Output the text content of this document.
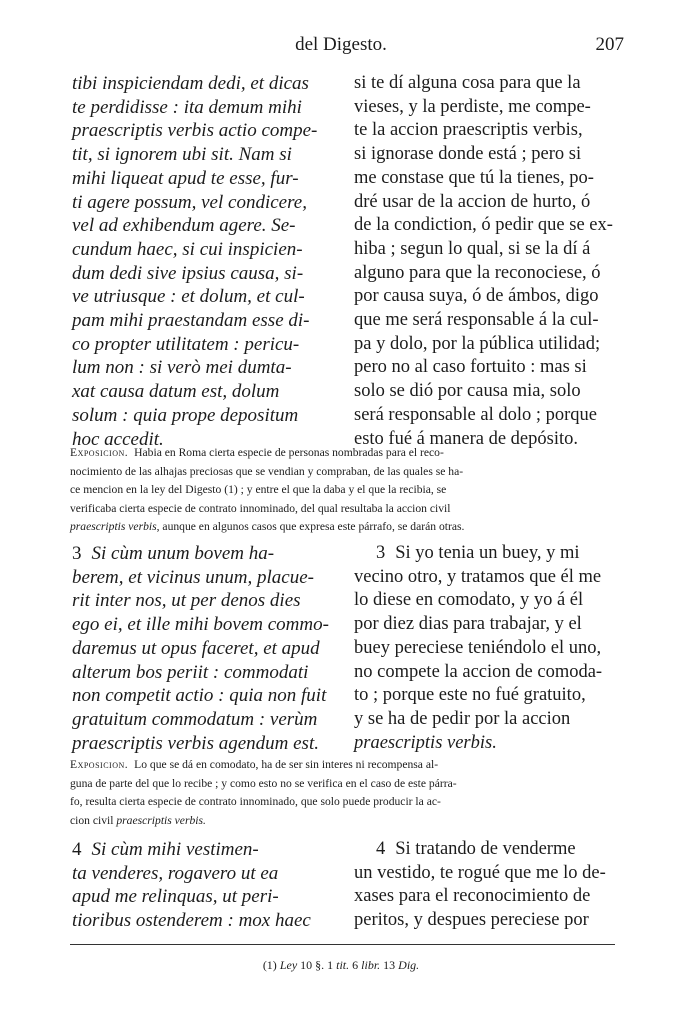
del Digesto.	207
tibi inspiciendam dedi, et dicas
te perdidisse : ita demum mihi
praescriptis verbis actio compe-
tit, si ignorem ubi sit. Nam si
mihi liqueat apud te esse, fur-
ti agere possum, vel condicere,
vel ad exhibendum agere. Se-
cundum haec, si cui inspicien-
dum dedi sive ipsius causa, si-
ve utriusque : et dolum, et cul-
pam mihi praestandam esse di-
co propter utilitatem : pericu-
lum non : si verò mei dumta-
xat causa datum est, dolum
solum : quia prope depositum
hoc accedit.
si te dí alguna cosa para que la
vieses, y la perdiste, me compe-
te la accion praescriptis verbis,
si ignorase donde está ; pero si
me constase que tú la tienes, po-
dré usar de la accion de hurto, ó
de la condiction, ó pedir que se ex-
hiba ; segun lo qual, si se la dí á
alguno para que la reconociese, ó
por causa suya, ó de ámbos, digo
que me será responsable á la cul-
pa y dolo, por la pública utilidad;
pero no al caso fortuito : mas si
solo se dió por causa mia, solo
será responsable al dolo ; porque
esto fué á manera de depósito.
Exposicion. Habia en Roma cierta especie de personas nombradas para el reco-
nocimiento de las alhajas preciosas que se vendian y compraban, de las quales se ha-
ce mencion en la ley del Digesto (1) ; y entre el que la daba y el que la recibia, se
verificaba cierta especie de contrato innominado, del qual resultaba la accion civil
praescriptis verbis, aunque en algunos casos que expresa este párrafo, se darán otras.
3 Si cùm unum bovem ha-
berem, et vicinus unum, placue-
rit inter nos, ut per denos dies
ego ei, et ille mihi bovem commo-
daremus ut opus faceret, et apud
alterum bos periit : commodati
non competit actio : quia non fuit
gratuitum commodatum : verùm
praescriptis verbis agendum est.
3 Si yo tenia un buey, y mi
vecino otro, y tratamos que él me
lo diese en comodato, y yo á él
por diez dias para trabajar, y el
buey pereciese teniéndolo el uno,
no compete la accion de comoda-
to ; porque este no fué gratuito,
y se ha de pedir por la accion
praescriptis verbis.
Exposicion. Lo que se dá en comodato, ha de ser sin interes ni recompensa al-
guna de parte del que lo recibe ; y como esto no se verifica en el caso de este párra-
fo, resulta cierta especie de contrato innominado, que solo puede producir la ac-
cion civil praescriptis verbis.
4 Si cùm mihi vestimen-
ta venderes, rogavero ut ea
apud me relinquas, ut peri-
tioribus ostenderem : mox haec
4 Si tratando de venderme
un vestido, te rogué que me lo de-
xases para el reconocimiento de
peritos, y despues pereciese por
(1) Ley 10 §. 1 tit. 6 libr. 13 Dig.
